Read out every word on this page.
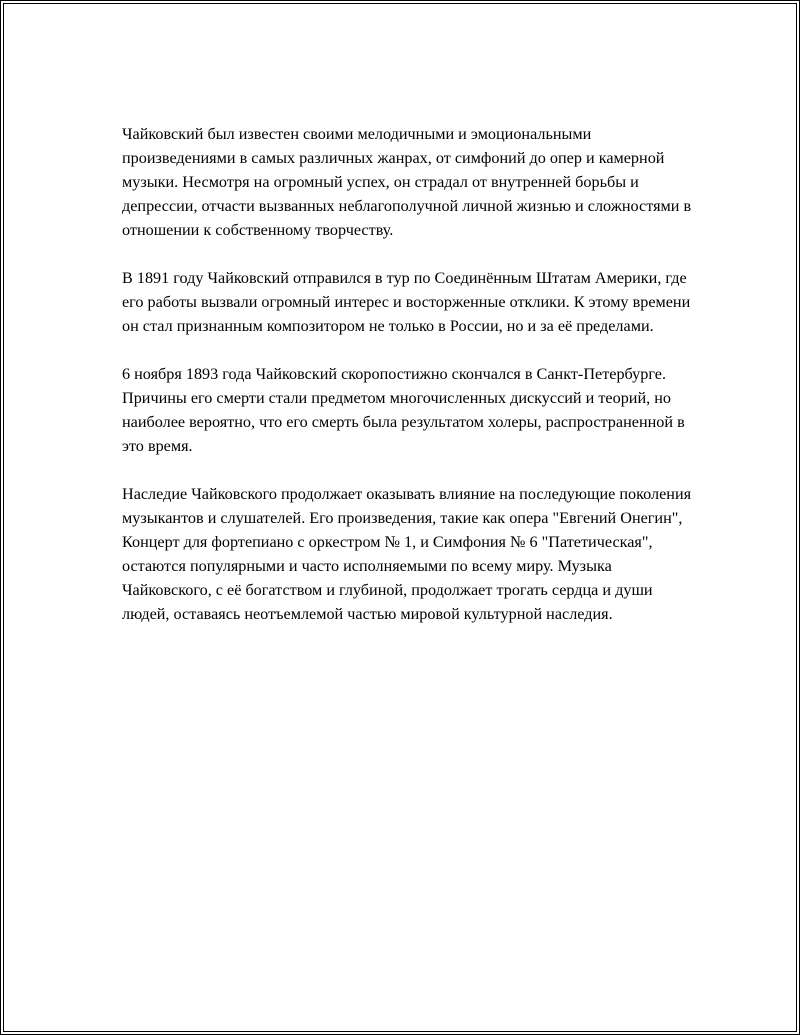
Чайковский был известен своими мелодичными и эмоциональными произведениями в самых различных жанрах, от симфоний до опер и камерной музыки. Несмотря на огромный успех, он страдал от внутренней борьбы и депрессии, отчасти вызванных неблагополучной личной жизнью и сложностями в отношении к собственному творчеству.

В 1891 году Чайковский отправился в тур по Соединённым Штатам Америки, где его работы вызвали огромный интерес и восторженные отклики. К этому времени он стал признанным композитором не только в России, но и за её пределами.

6 ноября 1893 года Чайковский скоропостижно скончался в Санкт-Петербурге. Причины его смерти стали предметом многочисленных дискуссий и теорий, но наиболее вероятно, что его смерть была результатом холеры, распространенной в это время.

Наследие Чайковского продолжает оказывать влияние на последующие поколения музыкантов и слушателей. Его произведения, такие как опера "Евгений Онегин", Концерт для фортепиано с оркестром № 1, и Симфония № 6 "Патетическая", остаются популярными и часто исполняемыми по всему миру. Музыка Чайковского, с её богатством и глубиной, продолжает трогать сердца и души людей, оставаясь неотъемлемой частью мировой культурной наследия.
